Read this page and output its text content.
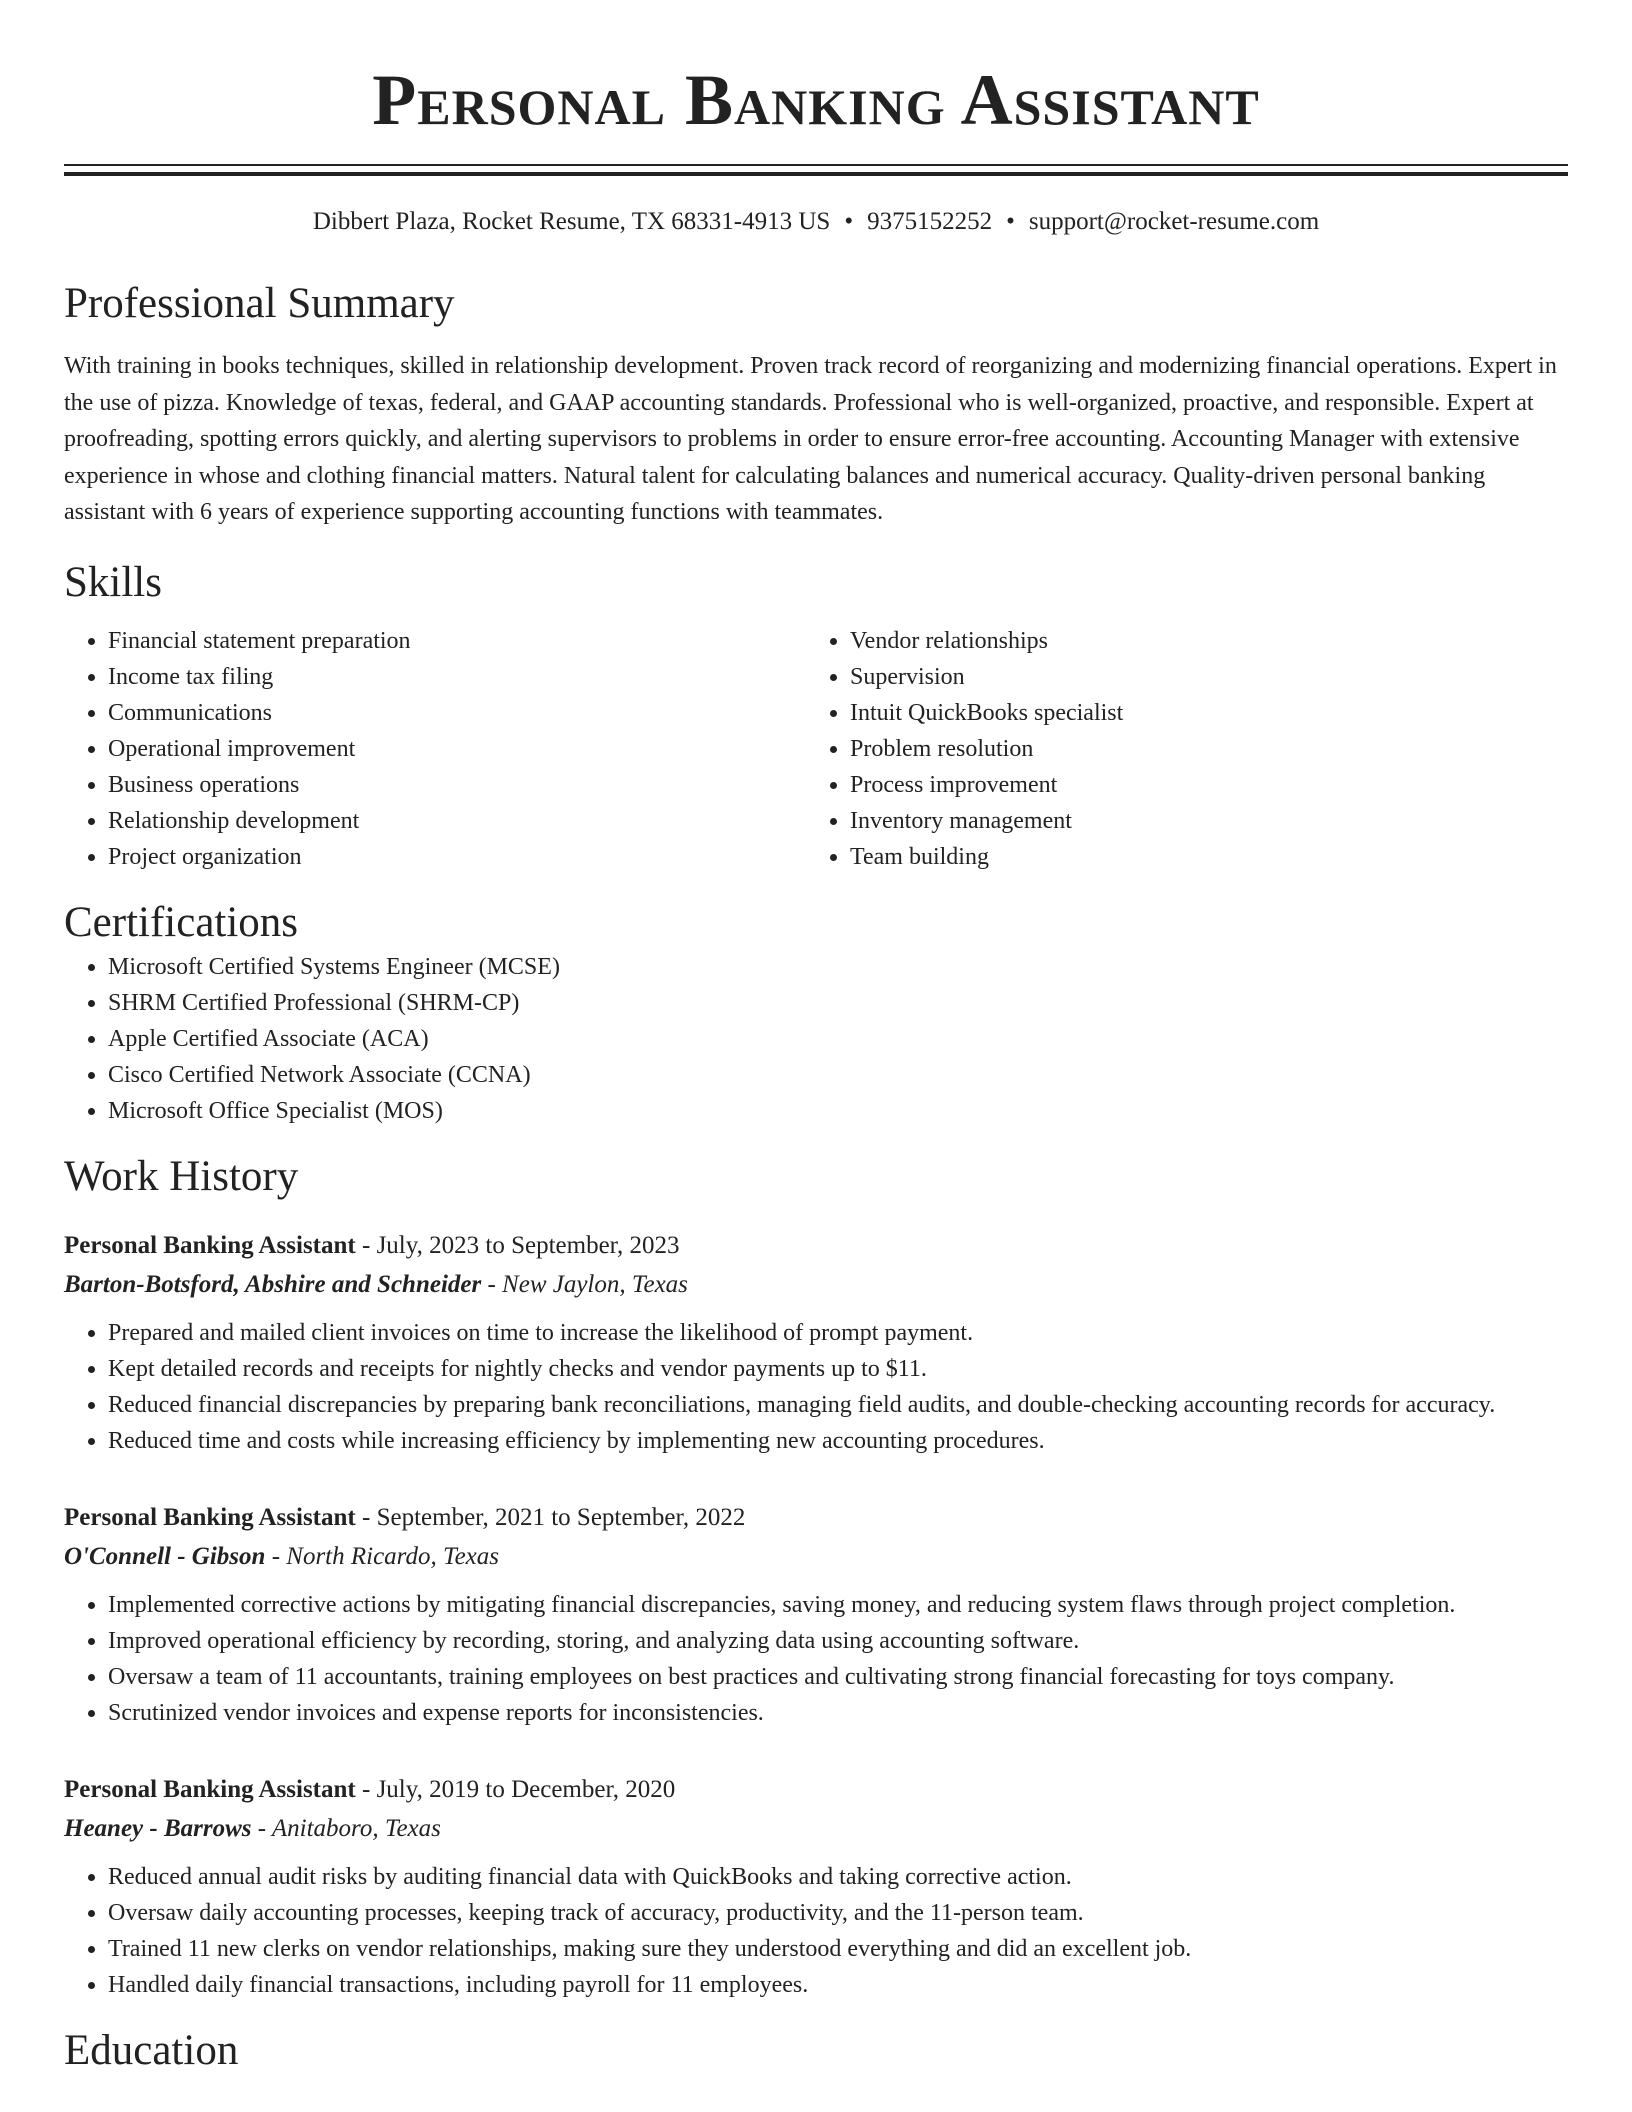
Personal Banking Assistant
Dibbert Plaza, Rocket Resume, TX 68331-4913 US • 9375152252 • support@rocket-resume.com
Professional Summary

With training in books techniques, skilled in relationship development. Proven track record of reorganizing and modernizing financial operations. Expert in the use of pizza. Knowledge of texas, federal, and GAAP accounting standards. Professional who is well-organized, proactive, and responsible. Expert at proofreading, spotting errors quickly, and alerting supervisors to problems in order to ensure error-free accounting. Accounting Manager with extensive experience in whose and clothing financial matters. Natural talent for calculating balances and numerical accuracy. Quality-driven personal banking assistant with 6 years of experience supporting accounting functions with teammates.

Skills
• Financial statement preparation
• Income tax filing
• Communications
• Operational improvement
• Business operations
• Relationship development
• Project organization
• Vendor relationships
• Supervision
• Intuit QuickBooks specialist
• Problem resolution
• Process improvement
• Inventory management
• Team building
Certifications
• Microsoft Certified Systems Engineer (MCSE)
• SHRM Certified Professional (SHRM-CP)
• Apple Certified Associate (ACA)
• Cisco Certified Network Associate (CCNA)
• Microsoft Office Specialist (MOS)
Work History
Personal Banking Assistant - July, 2023 to September, 2023
Barton-Botsford, Abshire and Schneider - New Jaylon, Texas
• Prepared and mailed client invoices on time to increase the likelihood of prompt payment.
• Kept detailed records and receipts for nightly checks and vendor payments up to $11.
• Reduced financial discrepancies by preparing bank reconciliations, managing field audits, and double-checking accounting records for accuracy.
• Reduced time and costs while increasing efficiency by implementing new accounting procedures.
Personal Banking Assistant - September, 2021 to September, 2022
O'Connell - Gibson - North Ricardo, Texas
• Implemented corrective actions by mitigating financial discrepancies, saving money, and reducing system flaws through project completion.
• Improved operational efficiency by recording, storing, and analyzing data using accounting software.
• Oversaw a team of 11 accountants, training employees on best practices and cultivating strong financial forecasting for toys company.
• Scrutinized vendor invoices and expense reports for inconsistencies.
Personal Banking Assistant - July, 2019 to December, 2020
Heaney - Barrows - Anitaboro, Texas
• Reduced annual audit risks by auditing financial data with QuickBooks and taking corrective action.
• Oversaw daily accounting processes, keeping track of accuracy, productivity, and the 11-person team.
• Trained 11 new clerks on vendor relationships, making sure they understood everything and did an excellent job.
• Handled daily financial transactions, including payroll for 11 employees.
Education
